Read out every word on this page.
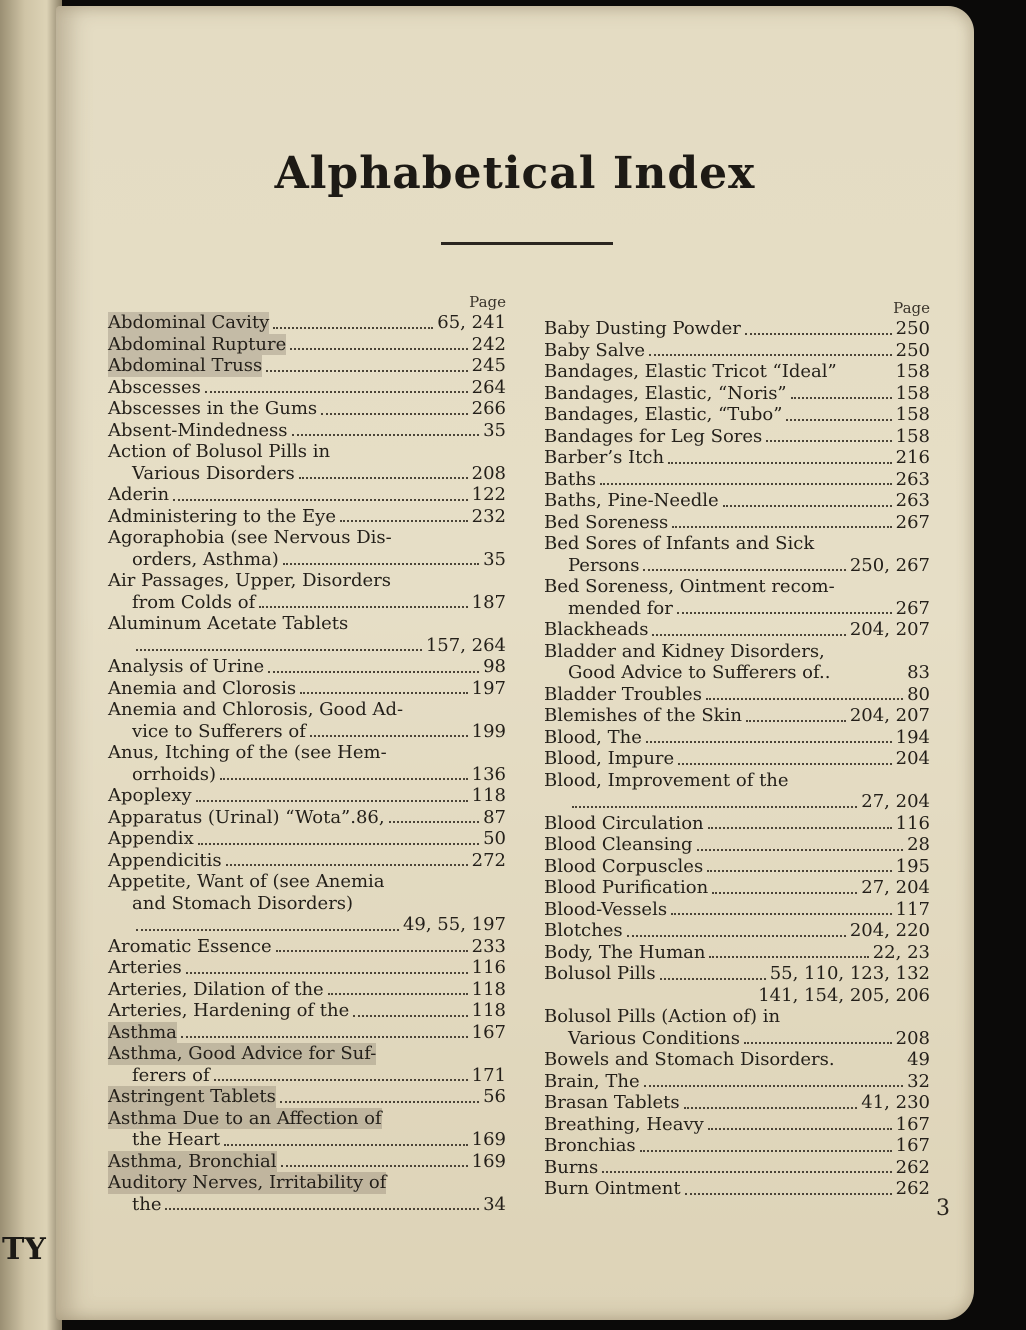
TY
Alphabetical Index
Page
Abdominal Cavity	65, 241
Abdominal Rupture	242
Abdominal Truss	245
Abscesses	264
Abscesses in the Gums	266
Absent-Mindedness	35
Action of Bolusol Pills in
Various Disorders	208
Aderin	122
Administering to the Eye	232
Agoraphobia (see Nervous Dis-
orders, Asthma)	35
Air Passages, Upper, Disorders
from Colds of	187
Aluminum Acetate Tablets
157, 264
Analysis of Urine	98
Anemia and Clorosis	197
Anemia and Chlorosis, Good Ad-
vice to Sufferers of	199
Anus, Itching of the (see Hem-
orrhoids)	136
Apoplexy	118
Apparatus (Urinal) “Wota”.86,	87
Appendix	50
Appendicitis	272
Appetite, Want of (see Anemia
and Stomach Disorders)
49, 55, 197
Aromatic Essence	233
Arteries	116
Arteries, Dilation of the	118
Arteries, Hardening of the	118
Asthma	167
Asthma, Good Advice for Suf-
ferers of	171
Astringent Tablets	56
Asthma Due to an Affection of
the Heart	169
Asthma, Bronchial	169
Auditory Nerves, Irritability of
the	34
Page
Baby Dusting Powder	250
Baby Salve	250
Bandages, Elastic Tricot “Ideal”	158
Bandages, Elastic, “Noris”	158
Bandages, Elastic, “Tubo”	158
Bandages for Leg Sores	158
Barber’s Itch	216
Baths	263
Baths, Pine-Needle	263
Bed Soreness	267
Bed Sores of Infants and Sick
Persons	250, 267
Bed Soreness, Ointment recom-
mended for	267
Blackheads	204, 207
Bladder and Kidney Disorders,
Good Advice to Sufferers of..	83
Bladder Troubles	80
Blemishes of the Skin	204, 207
Blood, The	194
Blood, Impure	204
Blood, Improvement of the
27, 204
Blood Circulation	116
Blood Cleansing	28
Blood Corpuscles	195
Blood Purification	27, 204
Blood-Vessels	117
Blotches	204, 220
Body, The Human	22, 23
Bolusol Pills	55, 110, 123, 132
141, 154, 205, 206
Bolusol Pills (Action of) in
Various Conditions	208
Bowels and Stomach Disorders.	49
Brain, The	32
Brasan Tablets	41, 230
Breathing, Heavy	167
Bronchias	167
Burns	262
Burn Ointment	262
3
